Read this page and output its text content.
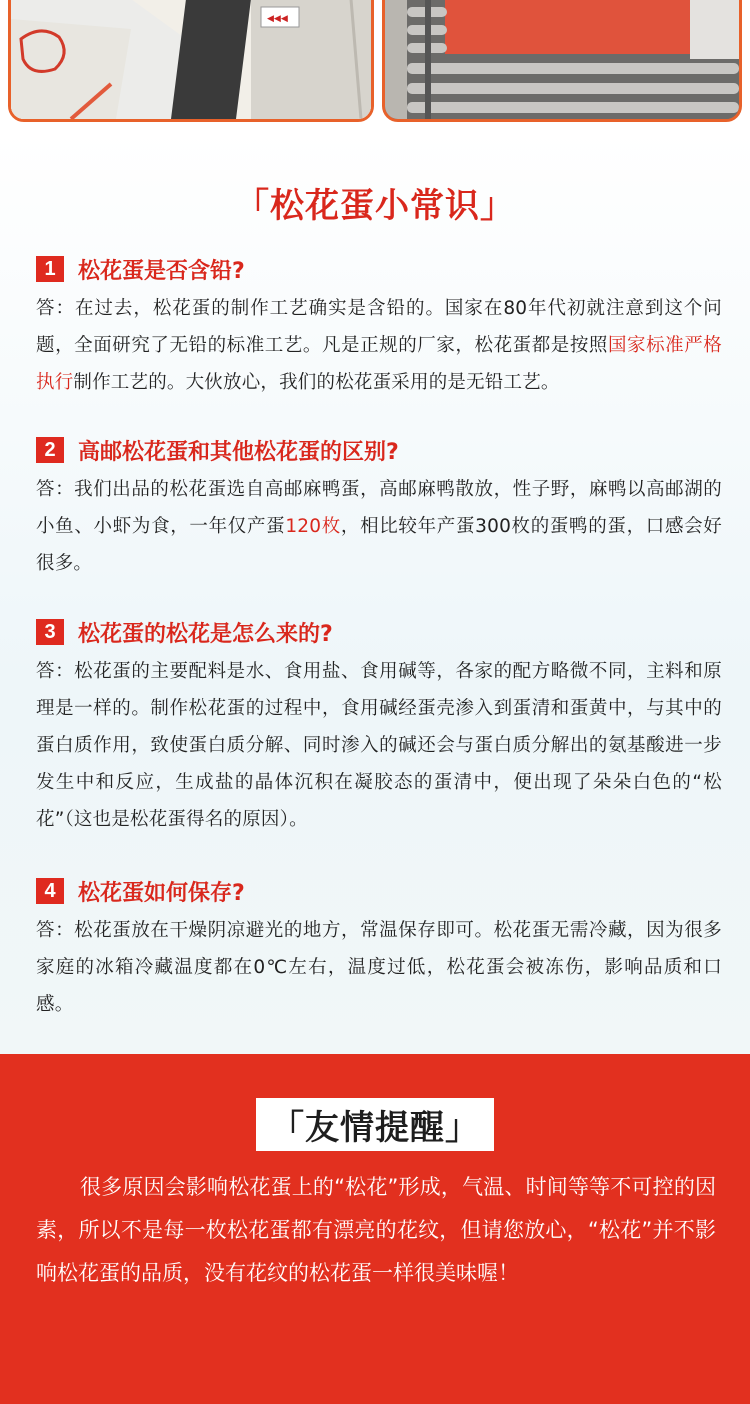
◀◀◀
「松花蛋小常识」
1	松花蛋是否含铅?
答：在过去，松花蛋的制作工艺确实是含铅的。国家在80年代初就注意到这个问题，全面研究了无铅的标准工艺。凡是正规的厂家，松花蛋都是按照国家标准严格执行制作工艺的。大伙放心，我们的松花蛋采用的是无铅工艺。
2	高邮松花蛋和其他松花蛋的区别?
答：我们出品的松花蛋选自高邮麻鸭蛋，高邮麻鸭散放，性子野，麻鸭以高邮湖的小鱼、小虾为食，一年仅产蛋120枚，相比较年产蛋300枚的蛋鸭的蛋，口感会好很多。
3	松花蛋的松花是怎么来的?
答：松花蛋的主要配料是水、食用盐、食用碱等，各家的配方略微不同，主料和原理是一样的。制作松花蛋的过程中，食用碱经蛋壳渗入到蛋清和蛋黄中，与其中的蛋白质作用，致使蛋白质分解、同时渗入的碱还会与蛋白质分解出的氨基酸进一步发生中和反应，生成盐的晶体沉积在凝胶态的蛋清中，便出现了朵朵白色的“松花”（这也是松花蛋得名的原因）。
4	松花蛋如何保存?
答：松花蛋放在干燥阴凉避光的地方，常温保存即可。松花蛋无需冷藏，因为很多家庭的冰箱冷藏温度都在0℃左右，温度过低，松花蛋会被冻伤，影响品质和口感。
「友情提醒」
很多原因会影响松花蛋上的“松花”形成，气温、时间等等不可控的因素，所以不是每一枚松花蛋都有漂亮的花纹，但请您放心，“松花”并不影响松花蛋的品质，没有花纹的松花蛋一样很美味喔！
